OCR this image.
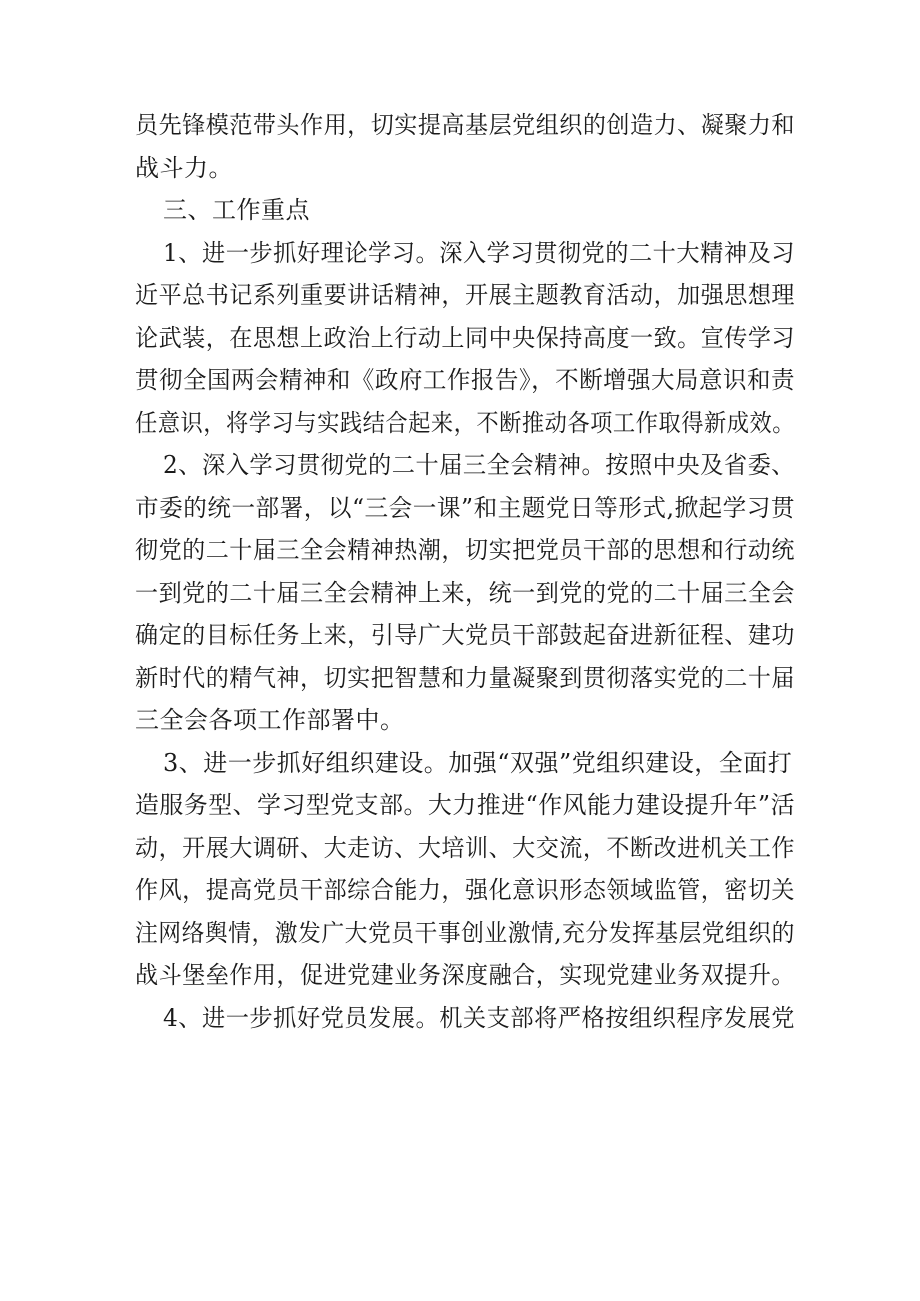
员先锋模范带头作用，切实提高基层党组织的创造力、凝聚力和
战斗力。
三、工作重点
1、进一步抓好理论学习。深入学习贯彻党的二十大精神及习
近平总书记系列重要讲话精神，开展主题教育活动，加强思想理
论武装，在思想上政治上行动上同中央保持高度一致。宣传学习
贯彻全国两会精神和《政府工作报告》，不断增强大局意识和责
任意识，将学习与实践结合起来，不断推动各项工作取得新成效。
2、深入学习贯彻党的二十届三全会精神。按照中央及省委、
市委的统一部署，以“三会一课”和主题党日等形式,掀起学习贯
彻党的二十届三全会精神热潮，切实把党员干部的思想和行动统
一到党的二十届三全会精神上来，统一到党的党的二十届三全会
确定的目标任务上来，引导广大党员干部鼓起奋进新征程、建功
新时代的精气神，切实把智慧和力量凝聚到贯彻落实党的二十届
三全会各项工作部署中。
3、进一步抓好组织建设。加强“双强”党组织建设，全面打
造服务型、学习型党支部。大力推进“作风能力建设提升年”活
动，开展大调研、大走访、大培训、大交流，不断改进机关工作
作风，提高党员干部综合能力，强化意识形态领域监管，密切关
注网络舆情，激发广大党员干事创业激情,充分发挥基层党组织的
战斗堡垒作用，促进党建业务深度融合，实现党建业务双提升。
4、进一步抓好党员发展。机关支部将严格按组织程序发展党
